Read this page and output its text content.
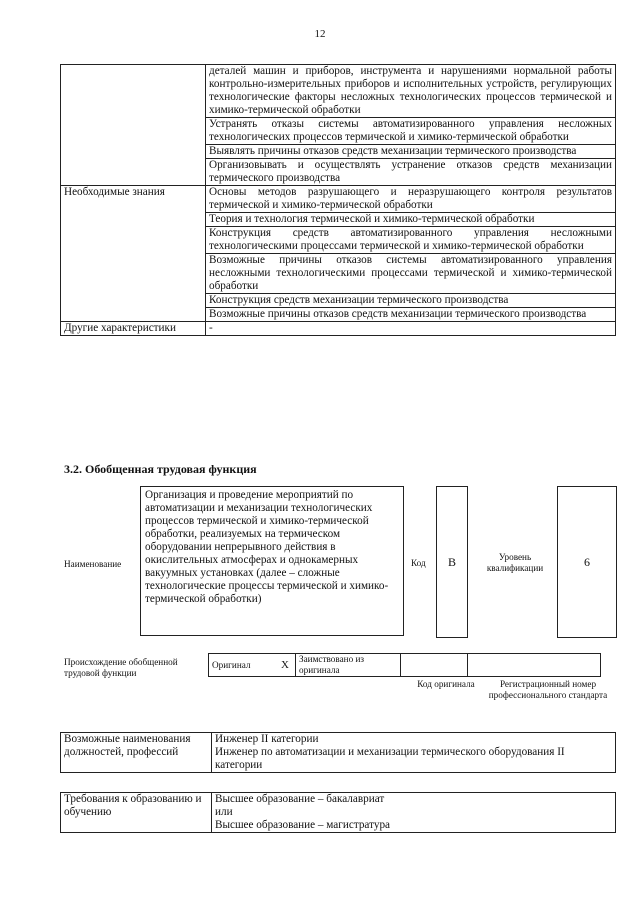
12
	деталей машин и приборов, инструмента и нарушениями нормальной работы контрольно-измерительных приборов и исполнительных устройств, регулирующих технологические факторы несложных технологических процессов термической и химико-термической обработки
	Устранять отказы системы автоматизированного управления несложных технологических процессов термической и химико-термической обработки
	Выявлять причины отказов средств механизации термического производства
	Организовывать и осуществлять устранение отказов средств механизации термического производства
Необходимые знания	Основы методов разрушающего и неразрушающего контроля результатов термической и химико-термической обработки
	Теория и технология термической и химико-термической обработки
	Конструкция средств автоматизированного управления несложными технологическими процессами термической и химико-термической обработки
	Возможные причины отказов системы автоматизированного управления несложными технологическими процессами термической и химико-термической обработки
	Конструкция средств механизации термического производства
	Возможные причины отказов средств механизации термического производства
Другие характеристики	-
3.2. Обобщенная трудовая функция
Наименование
Организация и проведение мероприятий по автоматизации и механизации технологических процессов термической и химико-термической обработки, реализуемых на термическом оборудовании непрерывного действия в окислительных атмосферах и однокамерных вакуумных установках (далее – сложные технологические процессы термической и химико-термической обработки)
Код	B	Уровень квалификации	6
Происхождение обобщенной трудовой функции
Оригинал	X	Заимствовано из оригинала		
Код оригинала	Регистрационный номер профессионального стандарта
Возможные наименования должностей, профессий	
Инженер II категории
Инженер по автоматизации и механизации термического оборудования II категории
Требования к образованию и обучению	
Высшее образование – бакалавриат
или
Высшее образование – магистратура
